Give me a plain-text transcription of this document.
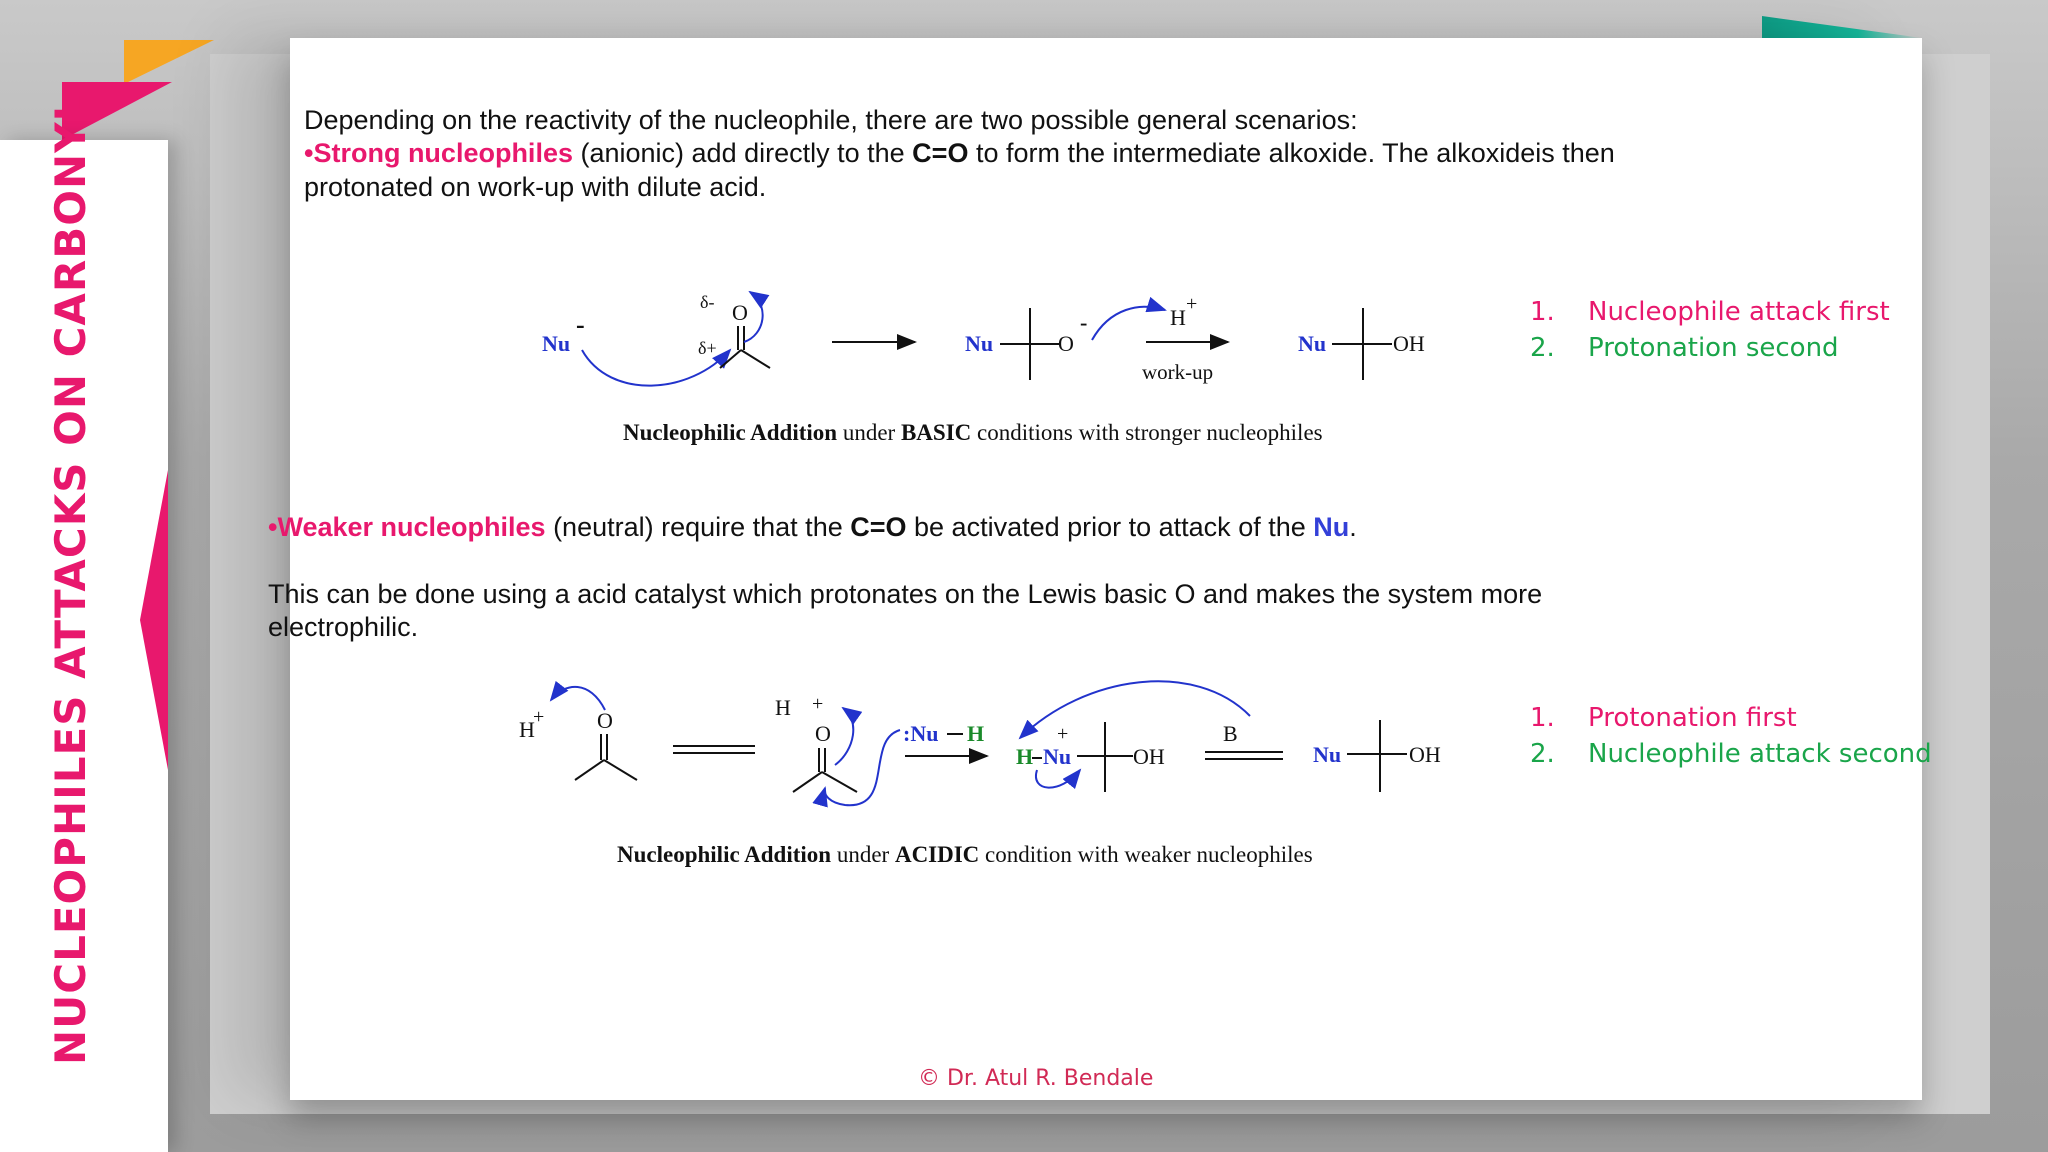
NUCLEOPHILES ATTACKS ON CARBONYL	Depending on the reactivity of the nucleophile, there are two possible general scenarios:
•Strong nucleophiles (anionic) add directly to the C=O to form the intermediate alkoxide. The alkoxideis then
protonated on work-up with dilute acid.
Nu
-
δ- O
δ+	Nu	O
-	H
+
work-up
Nu	OH
1. Nucleophile attack first
2. Protonation second
Nucleophilic Addition under BASIC conditions with stronger nucleophiles
•Weaker nucleophiles (neutral) require that the C=O be activated prior to attack of the Nu.
This can be done using a acid catalyst which protonates on the Lewis basic O and makes the system more
electrophilic.
H
+ O
H +
O	:Nu H	+
H Nu	OH
B
Nu	OH
1. Protonation first
2. Nucleophile attack second
Nucleophilic Addition under ACIDIC condition with weaker nucleophiles
© Dr. Atul R. Bendale
